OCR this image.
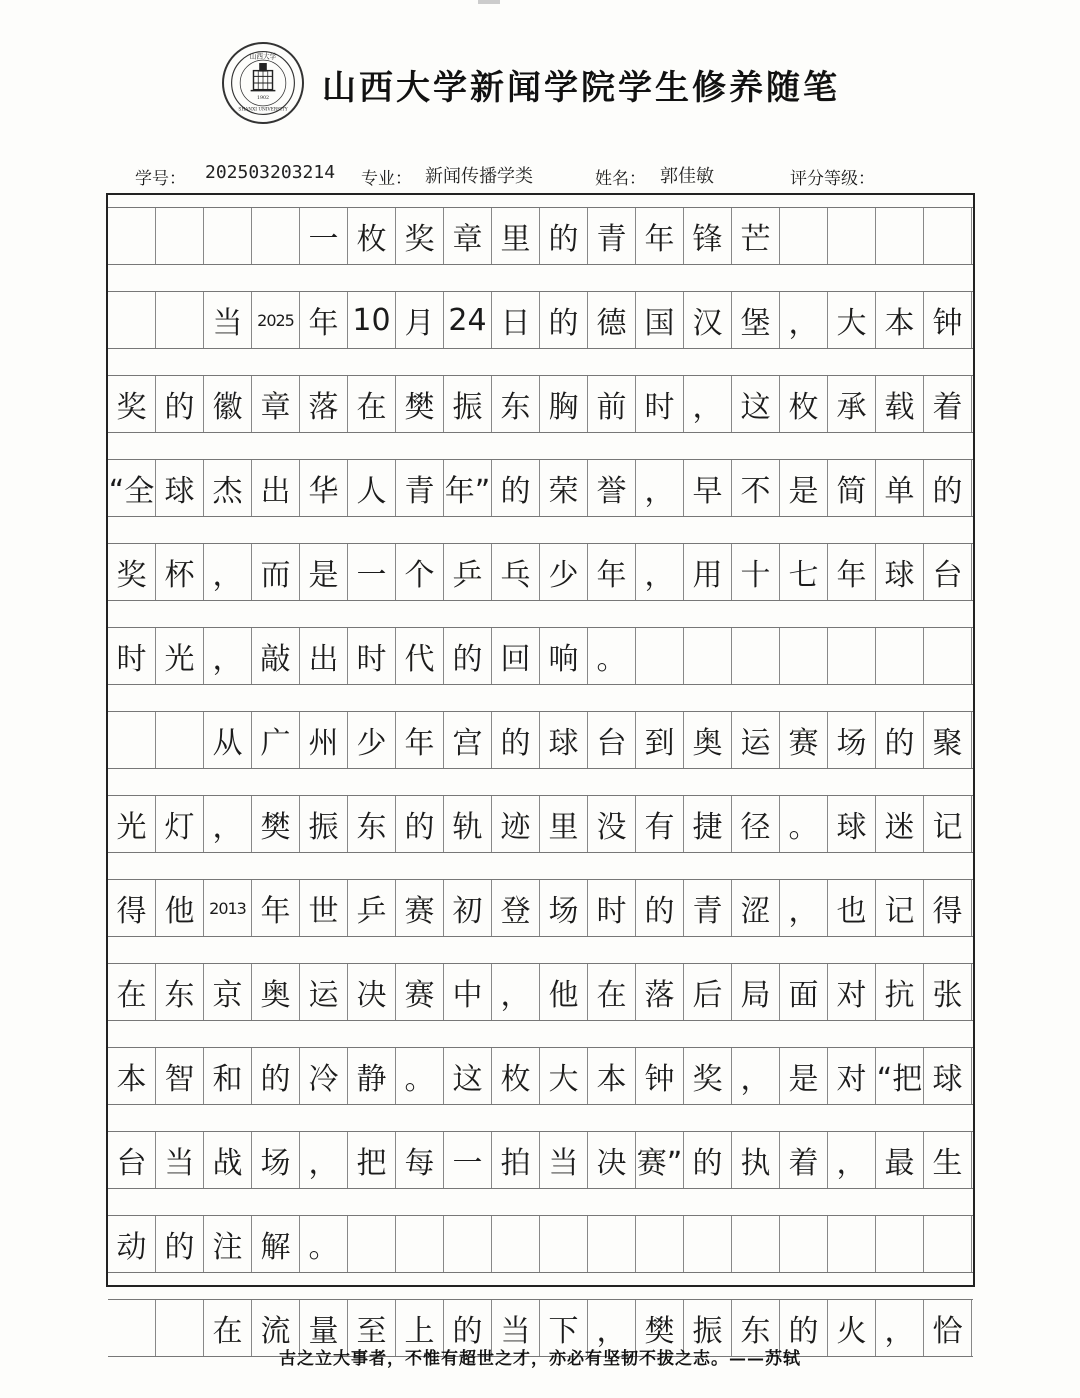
山西大学
1902
SHANXI UNIVERSITY
山西大学新闻学院学生修养随笔
学号： 202503203214 专业： 新闻传播学类	姓名： 郭佳敏	评分等级：
一 枚 奖 章 里 的 青 年 锋 芒
当 2025 年 10 月 24 日 的 德 国 汉 堡 ， 大 本 钟
奖 的 徽 章 落 在 樊 振 东 胸 前 时 ， 这 枚 承 载 着
“全 球 杰 出 华 人 青 年” 的 荣 誉 ， 早 不 是 简 单 的
奖 杯 ， 而 是 一 个 乒 乓 少 年 ， 用 十 七 年 球 台
时 光 ， 敲 出 时 代 的 回 响 。
从 广 州 少 年 宫 的 球 台 到 奥 运 赛 场 的 聚
光 灯 ， 樊 振 东 的 轨 迹 里 没 有 捷 径 。 球 迷 记
得 他 2013 年 世 乒 赛 初 登 场 时 的 青 涩 ， 也 记 得
在 东 京 奥 运 决 赛 中 ， 他 在 落 后 局 面 对 抗 张
本 智 和 的 冷 静 。 这 枚 大 本 钟 奖 ， 是 对 “把 球
台 当 战 场 ， 把 每 一 拍 当 决 赛” 的 执 着 ， 最 生
动 的 注 解 。
在 流 量 至 上 的 当 下 ， 樊 振 东 的 火 ， 恰
古之立大事者，不惟有超世之才，亦必有坚韧不拔之志。——苏轼
